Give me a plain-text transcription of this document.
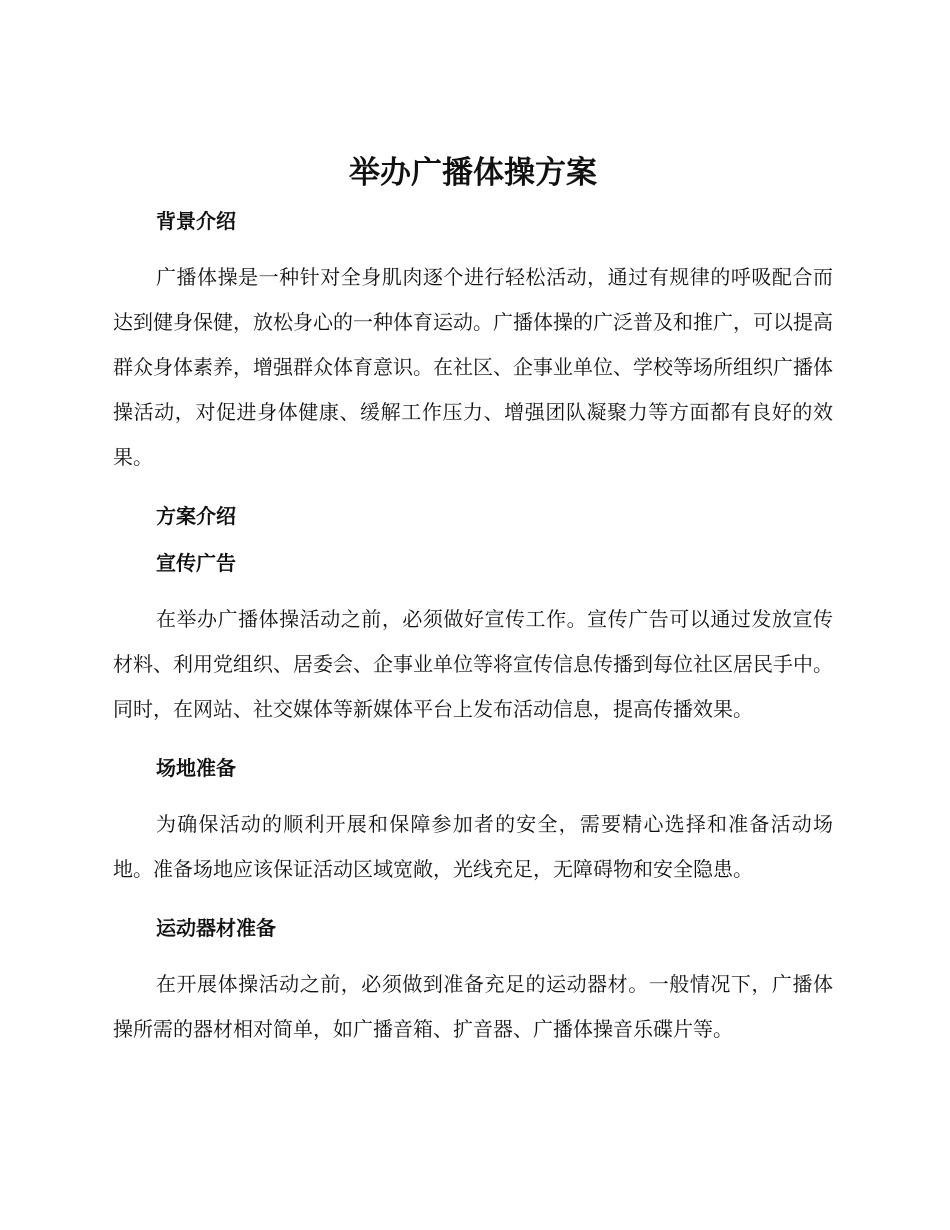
举办广播体操方案
背景介绍
广播体操是一种针对全身肌肉逐个进行轻松活动，通过有规律的呼吸配合而达到健身保健，放松身心的一种体育运动。广播体操的广泛普及和推广，可以提高群众身体素养，增强群众体育意识。在社区、企事业单位、学校等场所组织广播体操活动，对促进身体健康、缓解工作压力、增强团队凝聚力等方面都有良好的效果。
方案介绍
宣传广告
在举办广播体操活动之前，必须做好宣传工作。宣传广告可以通过发放宣传材料、利用党组织、居委会、企事业单位等将宣传信息传播到每位社区居民手中。同时，在网站、社交媒体等新媒体平台上发布活动信息，提高传播效果。
场地准备
为确保活动的顺利开展和保障参加者的安全，需要精心选择和准备活动场地。准备场地应该保证活动区域宽敞，光线充足，无障碍物和安全隐患。
运动器材准备
在开展体操活动之前，必须做到准备充足的运动器材。一般情况下，广播体操所需的器材相对简单，如广播音箱、扩音器、广播体操音乐碟片等。
